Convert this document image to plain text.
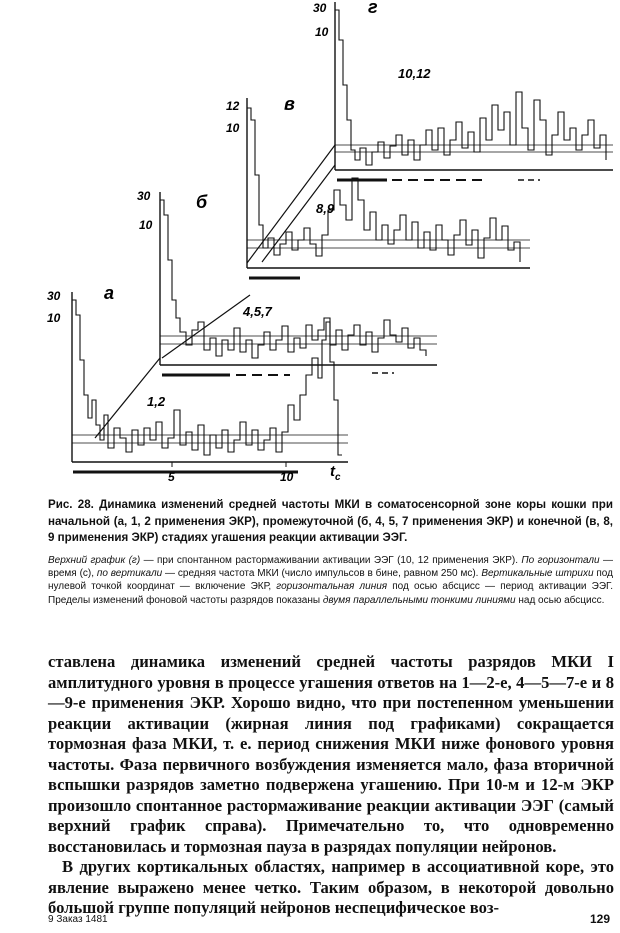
а
б
в
г
1,2
4,5,7
8,9
10,12
30
10
30
10
12
10
30
10
5	10 $t_c$
Рис. 28. Динамика изменений средней частоты МКИ в соматосенсорной зоне коры кошки при начальной (а, 1, 2 применения ЭКР), промежуточной (б, 4, 5, 7 применения ЭКР) и конечной (в, 8, 9 применения ЭКР) стадиях угашения реакции активации ЭЭГ.
Верхний график (г) — при спонтанном растормаживании активации ЭЭГ (10, 12 применения ЭКР). По горизонтали — время (с), по вертикали — средняя частота МКИ (число импульсов в бине, равном 250 мс). Вертикальные штрихи под нулевой точкой координат — включение ЭКР, горизонтальная линия под осью абсцисс — период активации ЭЭГ. Пределы изменений фоновой частоты разрядов показаны двумя параллельными тонкими линиями над осью абсцисс.

ставлена динамика изменений средней частоты разрядов МКИ I амплитудного уровня в процессе угашения ответов на 1—2-е, 4—5—7-е и 8—9-е применения ЭКР. Хорошо видно, что при постепенном уменьшении реакции активации (жирная линия под графиками) сокращается тормозная фаза МКИ, т. е. период снижения МКИ ниже фонового уровня частоты. Фаза первичного возбуждения изменяется мало, фаза вторичной вспышки разрядов заметно подвержена угашению. При 10-м и 12-м ЭКР произошло спонтанное растормаживание реакции активации ЭЭГ (самый верхний график справа). Примечательно то, что одновременно восстановилась и тормозная пауза в разрядах популяции нейронов.

В других кортикальных областях, например в ассоциативной коре, это явление выражено менее четко. Таким образом, в некоторой довольно большой группе популяций нейронов неспецифическое воз-

9 Заказ 1481	129
